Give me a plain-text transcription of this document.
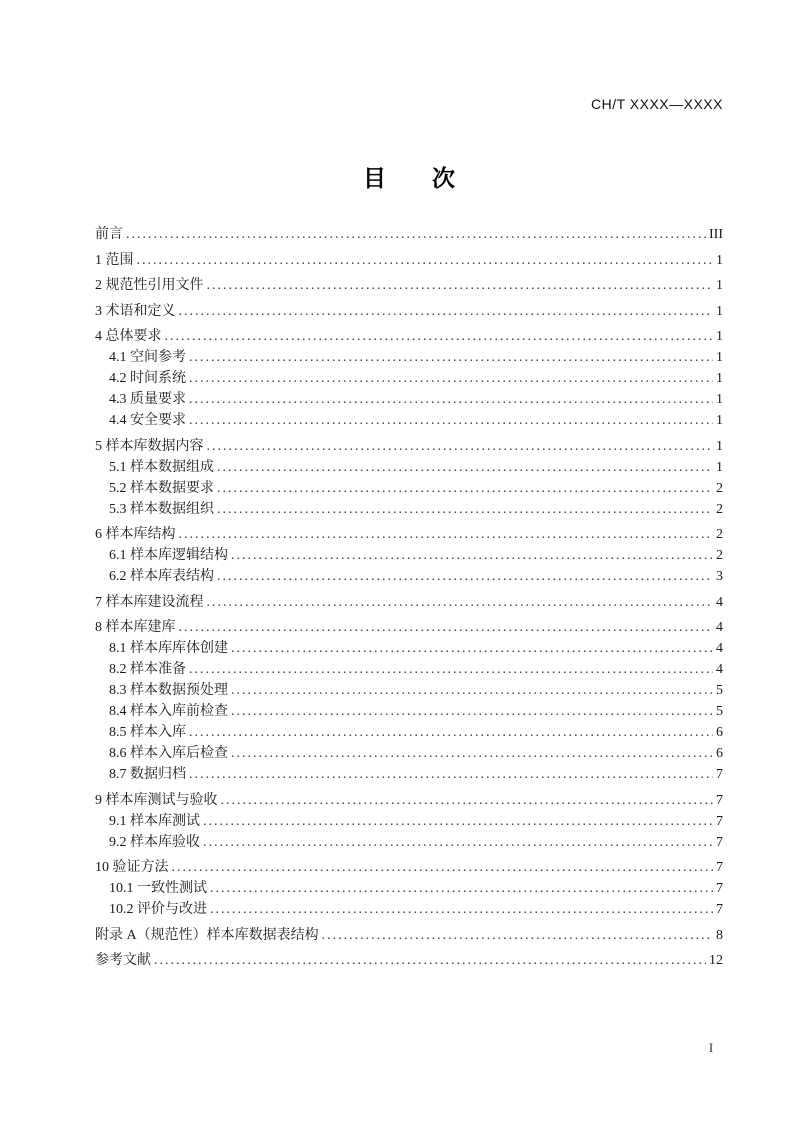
CH/T XXXX—XXXX
目　　次
前言 .....	III
1 范围 .....	1
2 规范性引用文件 .....	1
3 术语和定义 .....	1
4 总体要求 .....	1
4.1 空间参考 .....	1
4.2 时间系统 .....	1
4.3 质量要求 .....	1
4.4 安全要求 .....	1
5 样本库数据内容 .....	1
5.1 样本数据组成 .....	1
5.2 样本数据要求 .....	2
5.3 样本数据组织 .....	2
6 样本库结构 .....	2
6.1 样本库逻辑结构 .....	2
6.2 样本库表结构 .....	3
7 样本库建设流程 .....	4
8 样本库建库 .....	4
8.1 样本库库体创建 .....	4
8.2 样本准备 .....	4
8.3 样本数据预处理 .....	5
8.4 样本入库前检查 .....	5
8.5 样本入库 .....	6
8.6 样本入库后检查 .....	6
8.7 数据归档 .....	7
9 样本库测试与验收 .....	7
9.1 样本库测试 .....	7
9.2 样本库验收 .....	7
10 验证方法 .....	7
10.1 一致性测试 .....	7
10.2 评价与改进 .....	7
附录 A（规范性）样本库数据表结构 .....	8
参考文献 .....	12
I
